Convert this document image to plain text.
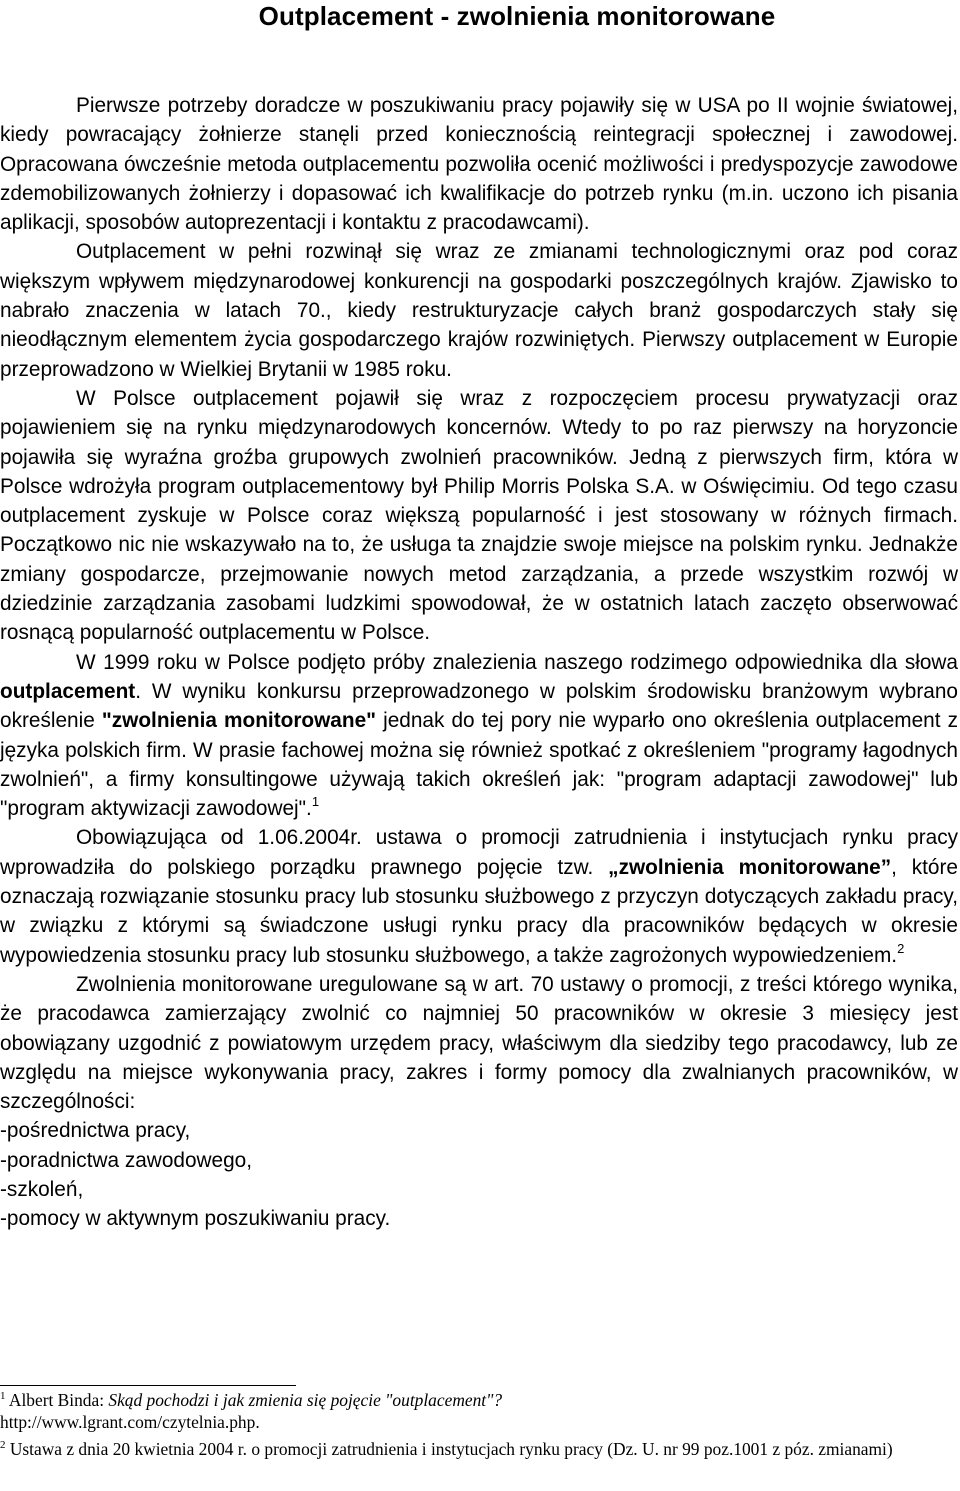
Outplacement - zwolnienia monitorowane

Pierwsze potrzeby doradcze w poszukiwaniu pracy pojawiły się w USA po II wojnie światowej, kiedy powracający żołnierze stanęli przed koniecznością reintegracji społecznej i zawodowej. Opracowana ówcześnie metoda outplacementu pozwoliła ocenić możliwości i predyspozycje zawodowe zdemobilizowanych żołnierzy i dopasować ich kwalifikacje do potrzeb rynku (m.in. uczono ich pisania aplikacji, sposobów autoprezentacji i kontaktu z pracodawcami).

Outplacement w pełni rozwinął się wraz ze zmianami technologicznymi oraz pod coraz większym wpływem międzynarodowej konkurencji na gospodarki poszczególnych krajów. Zjawisko to nabrało znaczenia w latach 70., kiedy restrukturyzacje całych branż gospodarczych stały się nieodłącznym elementem życia gospodarczego krajów rozwiniętych. Pierwszy outplacement w Europie przeprowadzono w Wielkiej Brytanii w 1985 roku.

W Polsce outplacement pojawił się wraz z rozpoczęciem procesu prywatyzacji oraz pojawieniem się na rynku międzynarodowych koncernów. Wtedy to po raz pierwszy na horyzoncie pojawiła się wyraźna groźba grupowych zwolnień pracowników. Jedną z pierwszych firm, która w Polsce wdrożyła program outplacementowy był Philip Morris Polska S.A. w Oświęcimiu. Od tego czasu outplacement zyskuje w Polsce coraz większą popularność i jest stosowany w różnych firmach. Początkowo nic nie wskazywało na to, że usługa ta znajdzie swoje miejsce na polskim rynku. Jednakże zmiany gospodarcze, przejmowanie nowych metod zarządzania, a przede wszystkim rozwój w dziedzinie zarządzania zasobami ludzkimi spowodował, że w ostatnich latach zaczęto obserwować rosnącą popularność outplacementu w Polsce.

W 1999 roku w Polsce podjęto próby znalezienia naszego rodzimego odpowiednika dla słowa outplacement. W wyniku konkursu przeprowadzonego w polskim środowisku branżowym wybrano określenie "zwolnienia monitorowane" jednak do tej pory nie wyparło ono określenia outplacement z języka polskich firm. W prasie fachowej można się również spotkać z określeniem "programy łagodnych zwolnień", a firmy konsultingowe używają takich określeń jak: "program adaptacji zawodowej" lub "program aktywizacji zawodowej".$^1$

Obowiązująca od 1.06.2004r. ustawa o promocji zatrudnienia i instytucjach rynku pracy wprowadziła do polskiego porządku prawnego pojęcie tzw. „zwolnienia monitorowane”, które oznaczają rozwiązanie stosunku pracy lub stosunku służbowego z przyczyn dotyczących zakładu pracy, w związku z którymi są świadczone usługi rynku pracy dla pracowników będących w okresie wypowiedzenia stosunku pracy lub stosunku służbowego, a także zagrożonych wypowiedzeniem.$^2$

Zwolnienia monitorowane uregulowane są w art. 70 ustawy o promocji, z treści którego wynika, że pracodawca zamierzający zwolnić co najmniej 50 pracowników w okresie 3 miesięcy jest obowiązany uzgodnić z powiatowym urzędem pracy, właściwym dla siedziby tego pracodawcy, lub ze względu na miejsce wykonywania pracy, zakres i formy pomocy dla zwalnianych pracowników, w szczególności:

-pośrednictwa pracy,
-poradnictwa zawodowego,
-szkoleń,
-pomocy w aktywnym poszukiwaniu pracy.

$^1$ Albert Binda: Skąd pochodzi i jak zmienia się pojęcie "outplacement"?

http://www.lgrant.com/czytelnia.php.

$^2$ Ustawa z dnia 20 kwietnia 2004 r. o promocji zatrudnienia i instytucjach rynku pracy (Dz. U. nr 99 poz.1001 z póz. zmianami)
